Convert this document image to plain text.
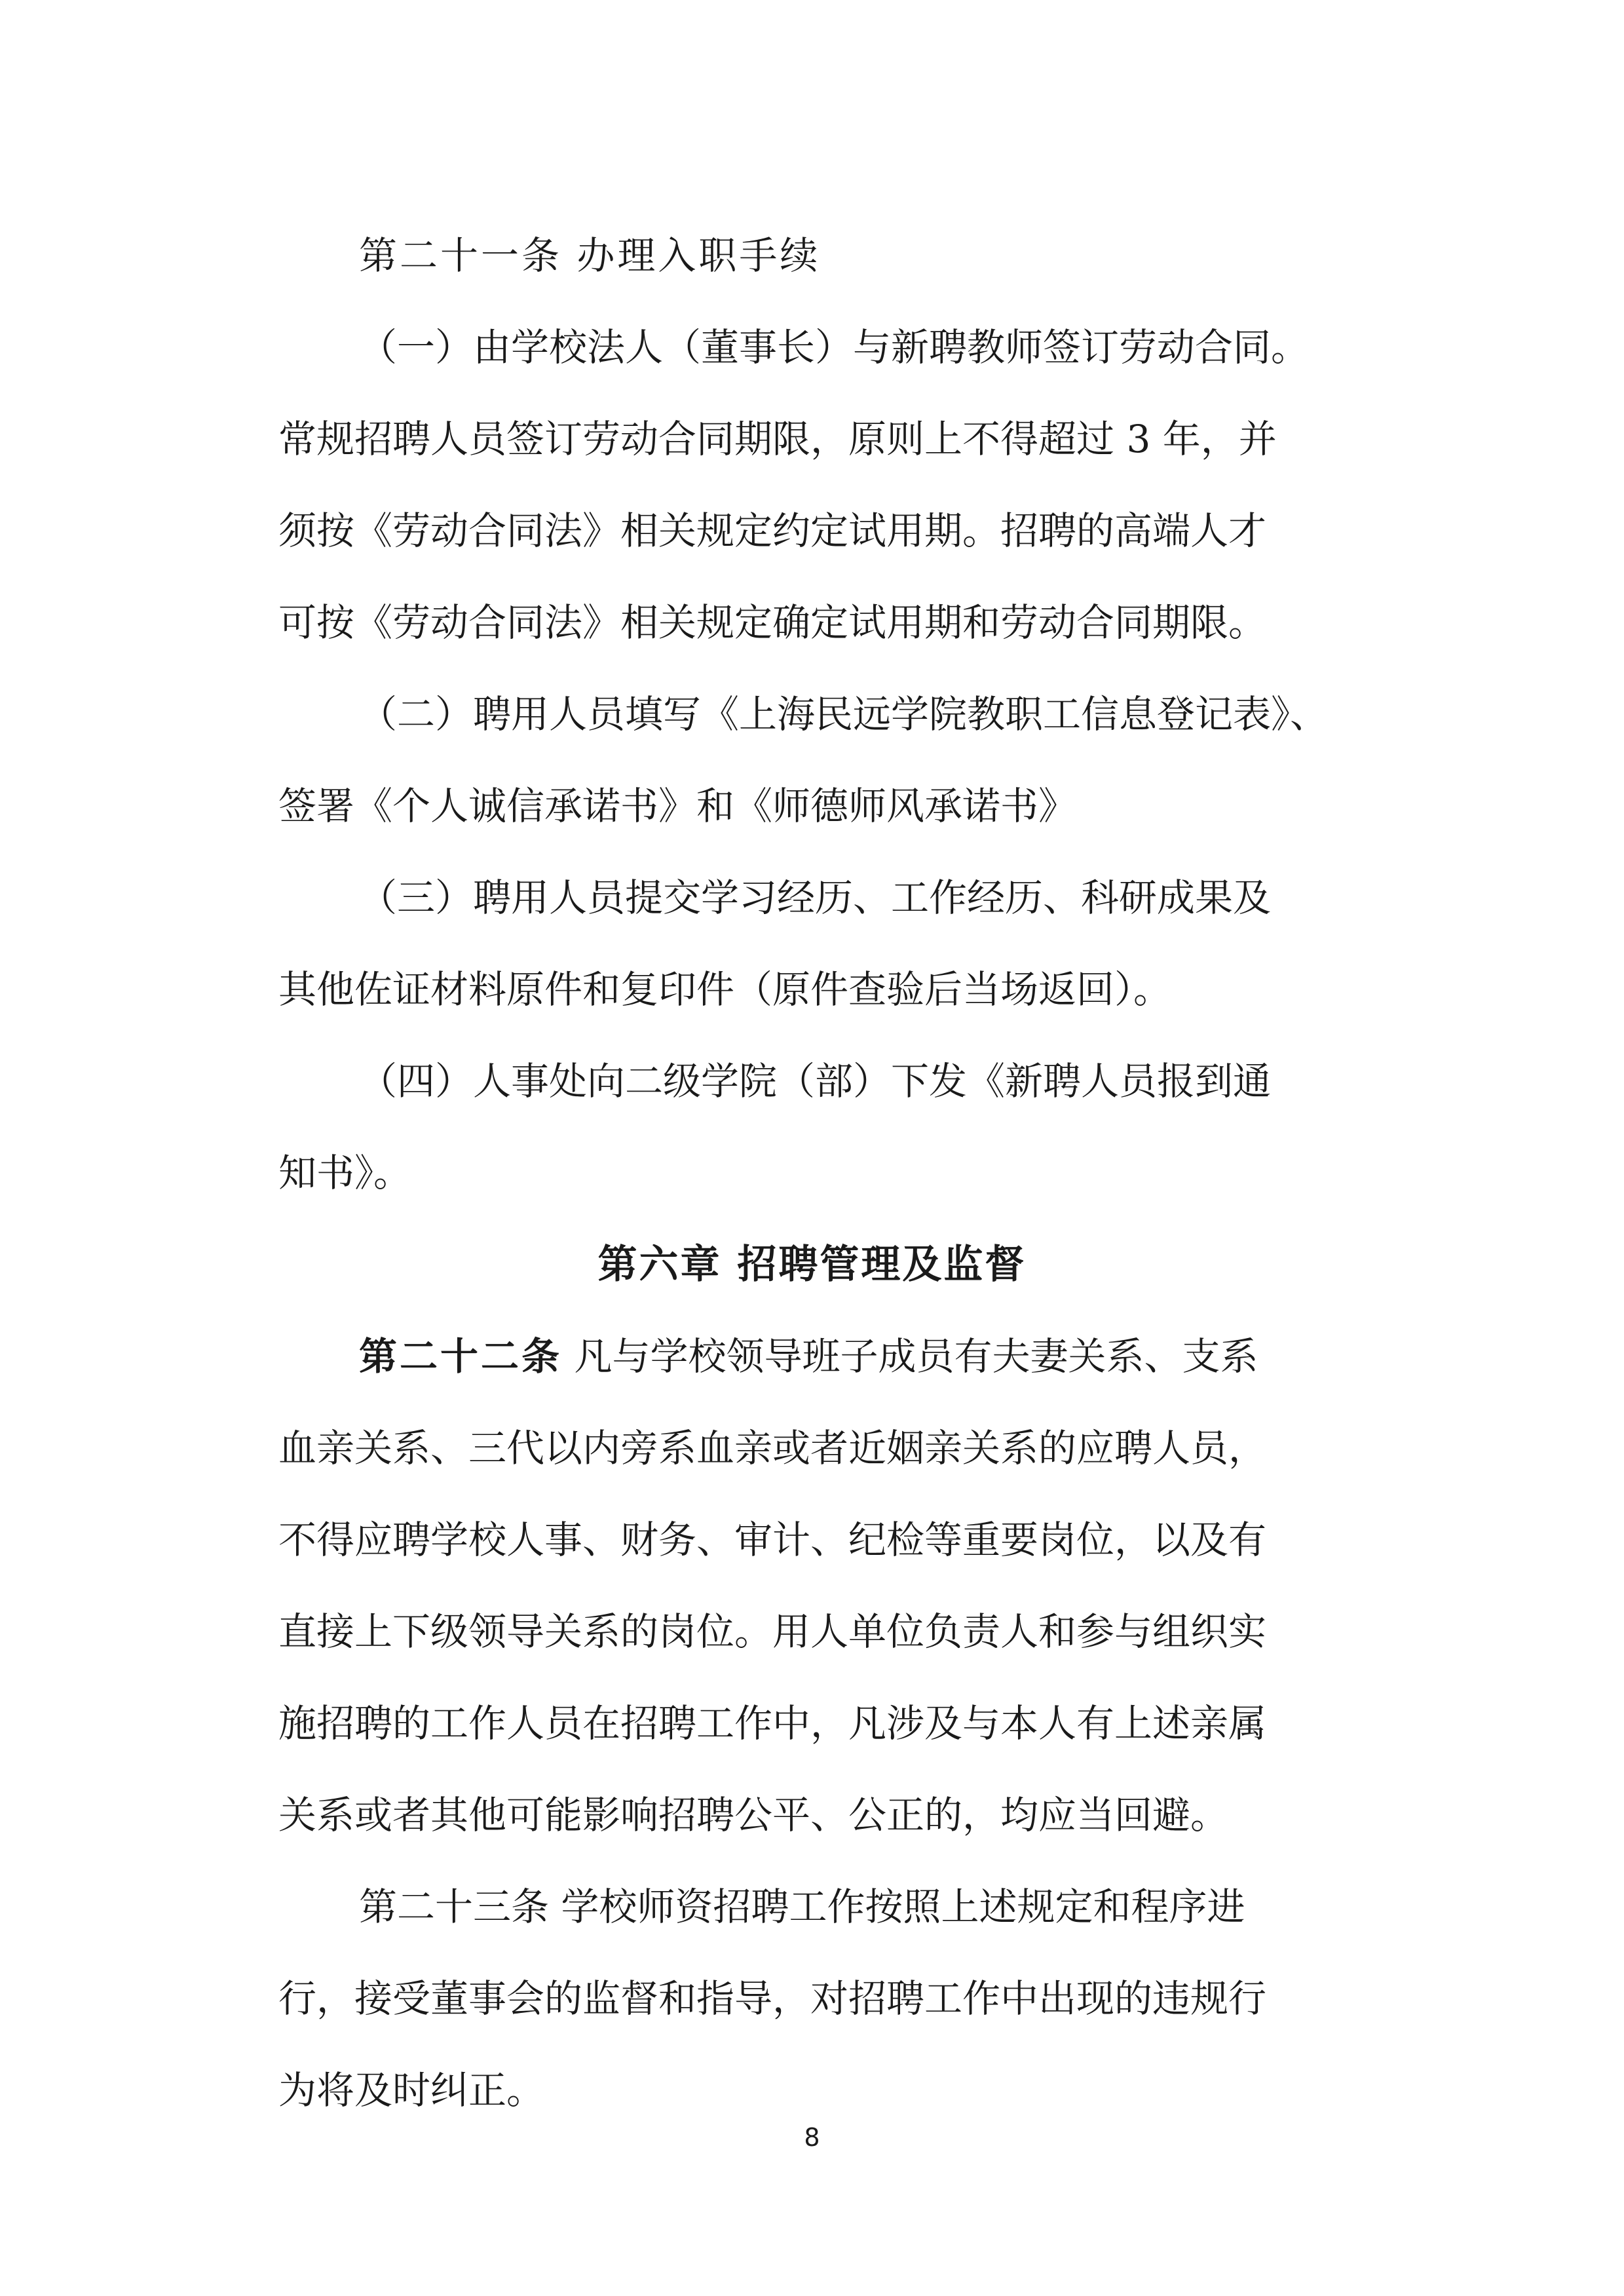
第二十一条 办理入职手续
（一）由学校法人（董事长）与新聘教师签订劳动合同。
常规招聘人员签订劳动合同期限，原则上不得超过 3 年，并
须按《劳动合同法》相关规定约定试用期。招聘的高端人才
可按《劳动合同法》相关规定确定试用期和劳动合同期限。
（二）聘用人员填写《上海民远学院教职工信息登记表》、
签署《个人诚信承诺书》和《师德师风承诺书》
（三）聘用人员提交学习经历、工作经历、科研成果及
其他佐证材料原件和复印件（原件查验后当场返回）。
（四）人事处向二级学院（部）下发《新聘人员报到通
知书》。
第六章 招聘管理及监督
第二十二条 凡与学校领导班子成员有夫妻关系、支系
血亲关系、三代以内旁系血亲或者近姻亲关系的应聘人员，
不得应聘学校人事、财务、审计、纪检等重要岗位，以及有
直接上下级领导关系的岗位。用人单位负责人和参与组织实
施招聘的工作人员在招聘工作中，凡涉及与本人有上述亲属
关系或者其他可能影响招聘公平、公正的，均应当回避。
第二十三条 学校师资招聘工作按照上述规定和程序进
行，接受董事会的监督和指导，对招聘工作中出现的违规行
为将及时纠正。
8
